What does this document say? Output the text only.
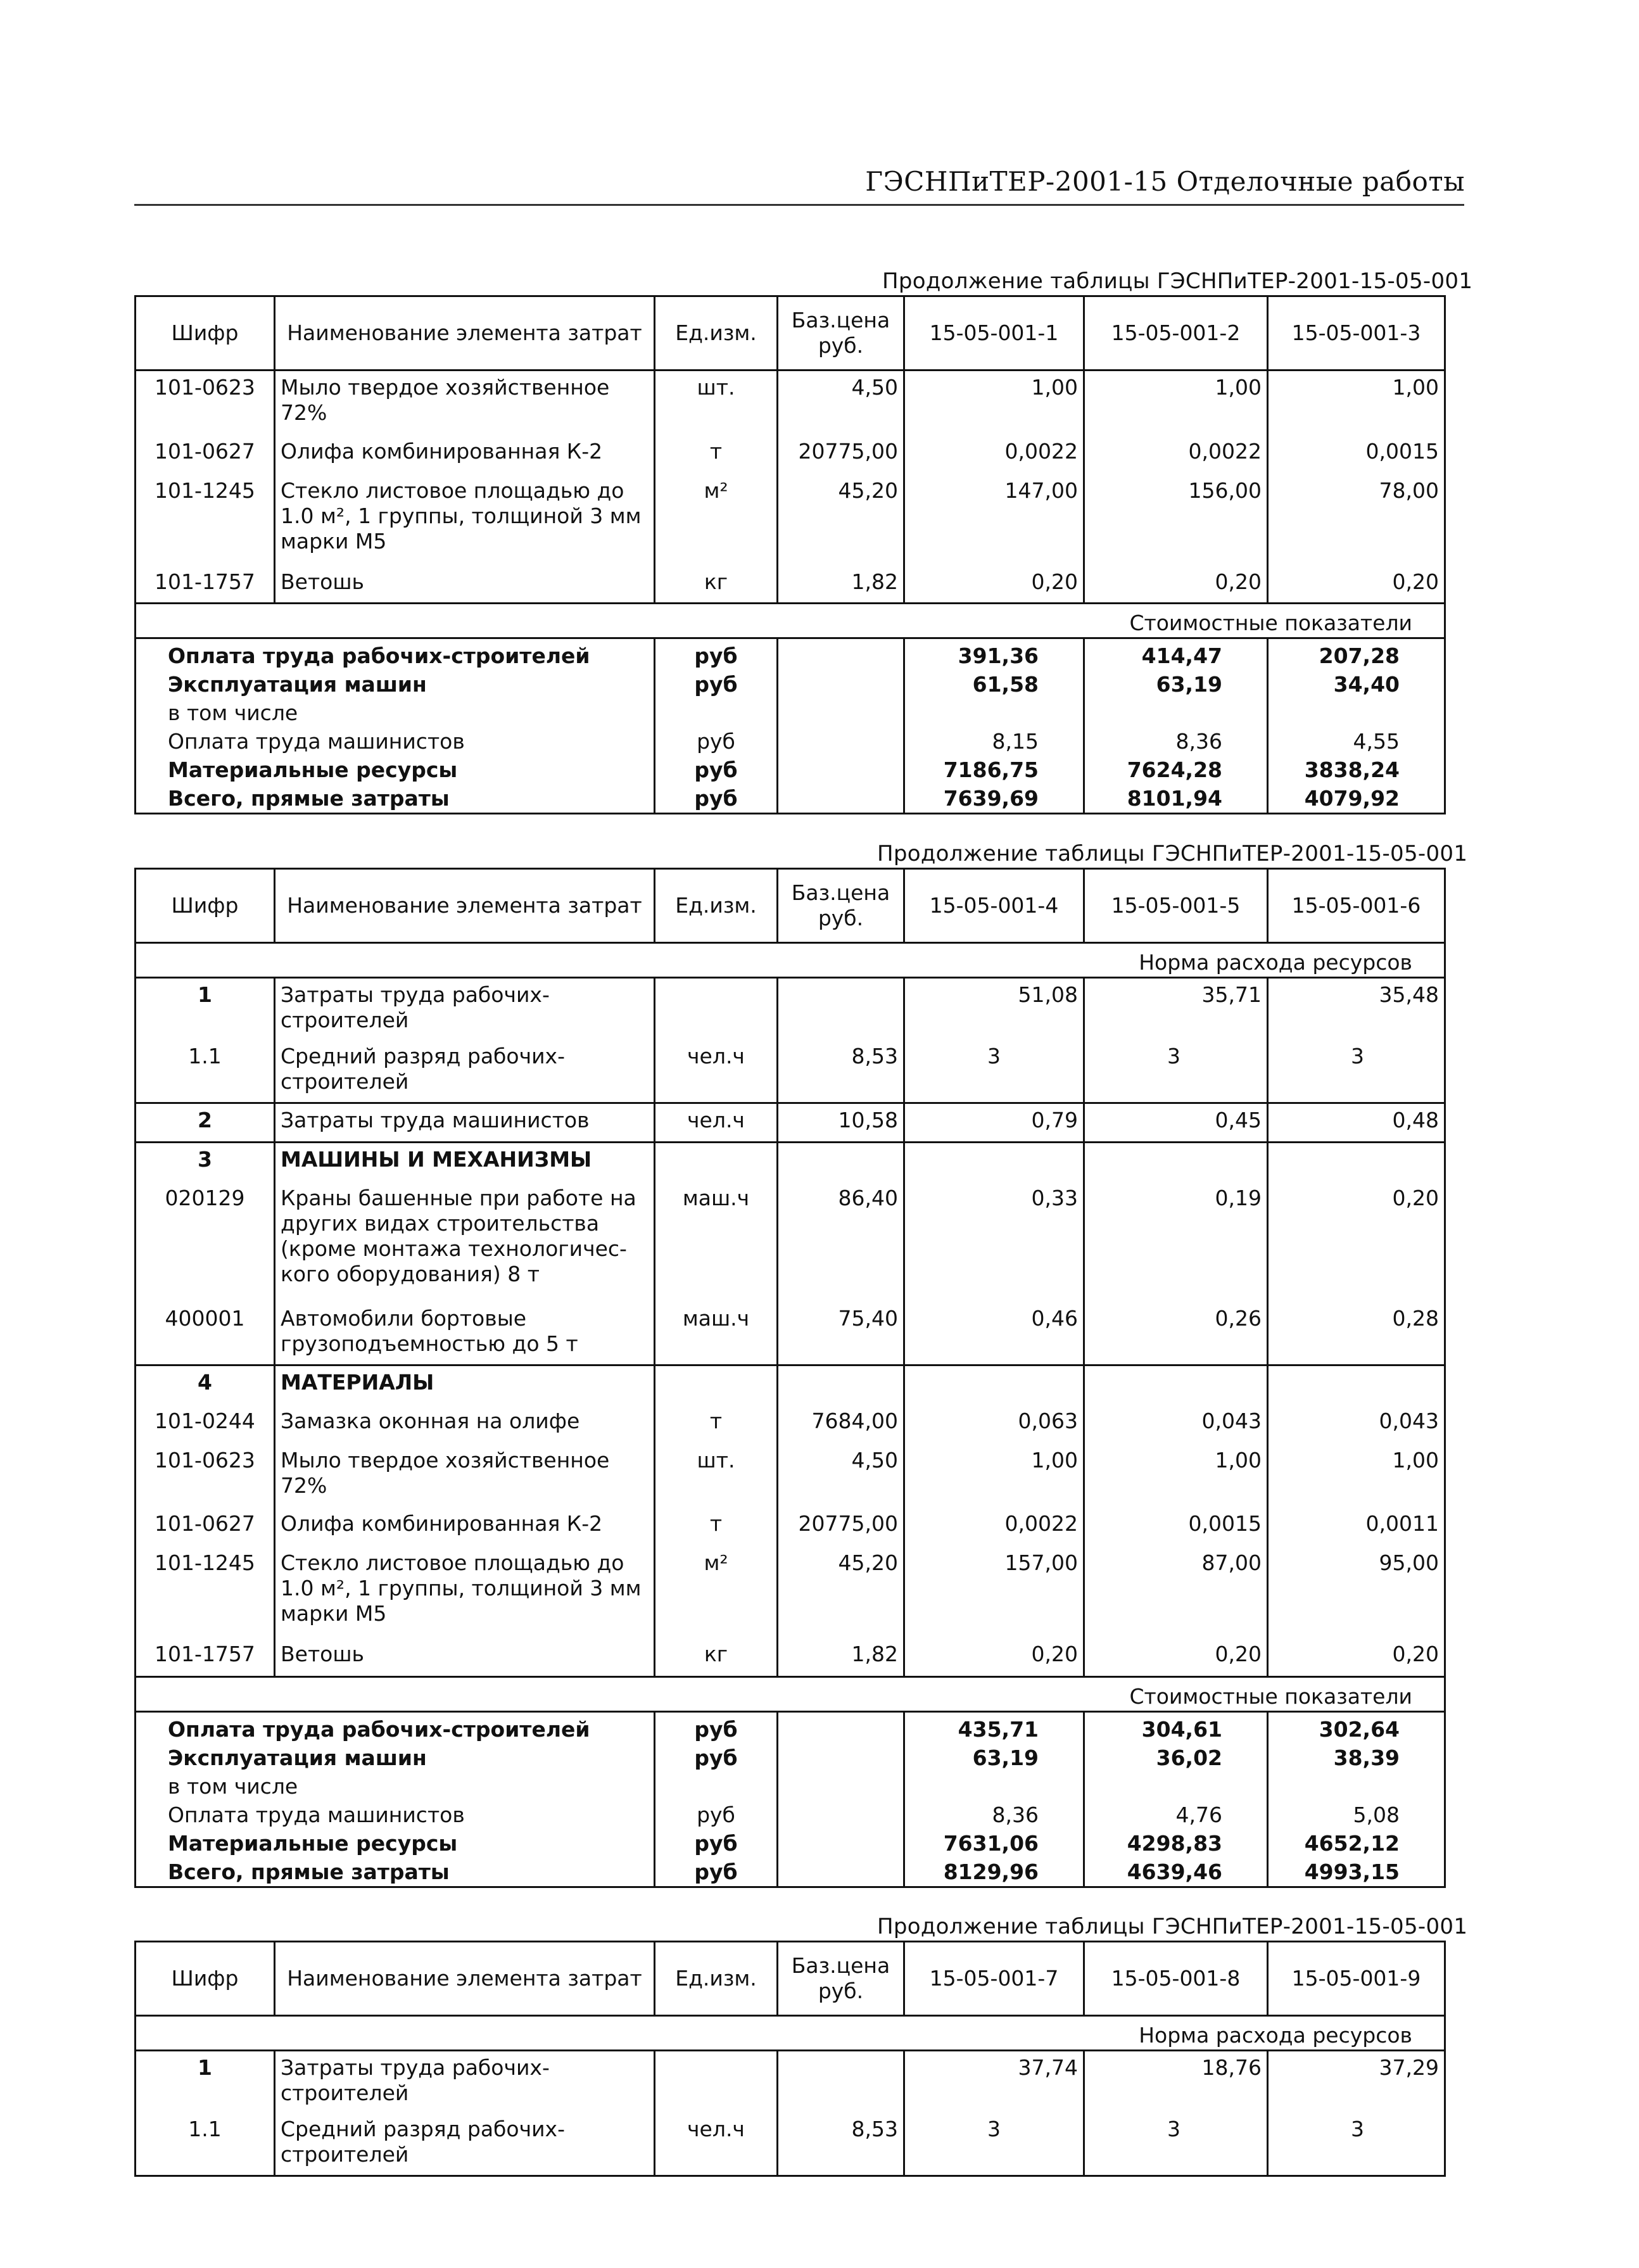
ГЭСНПиТЕР-2001-15 Отделочные работы
Продолжение таблицы ГЭСНПиТЕР-2001-15-05-001
Шифр	Наименование элемента затрат	Ед.изм.	Баз.цена руб.	15-05-001-1	15-05-001-2	15-05-001-3
101-0623	Мыло твердое хозяйственное 72%	шт.	4,50	1,00	1,00	1,00
101-0627	Олифа комбинированная К-2	т	20775,00	0,0022	0,0022	0,0015
101-1245	Стекло листовое площадью до 1.0 м², 1 группы, толщиной 3 мм марки М5	м²	45,20	147,00	156,00	78,00
101-1757	Ветошь	кг	1,82	0,20	0,20	0,20
Стоимостные показатели						
Оплата труда рабочих-строителей	руб		391,36	414,47	207,28
Эксплуатация машин	руб		61,58	63,19	34,40
в том числе					
Оплата труда машинистов	руб		8,15	8,36	4,55
Материальные ресурсы	руб		7186,75	7624,28	3838,24
Всего, прямые затраты	руб		7639,69	8101,94	4079,92
Продолжение таблицы ГЭСНПиТЕР-2001-15-05-001
Шифр	Наименование элемента затрат	Ед.изм.	Баз.цена руб.	15-05-001-4	15-05-001-5	15-05-001-6
Норма расхода ресурсов						
1	Затраты труда рабочих-строителей			51,08	35,71	35,48
1.1	Средний разряд рабочих-строителей	чел.ч	8,53	3	3	3
2	Затраты труда машинистов	чел.ч	10,58	0,79	0,45	0,48
3	МАШИНЫ И МЕХАНИЗМЫ					
020129	Краны башенные при работе на других видах строительства (кроме монтажа технологичес-кого оборудования) 8 т	маш.ч	86,40	0,33	0,19	0,20
400001	Автомобили бортовые грузоподъемностью до 5 т	маш.ч	75,40	0,46	0,26	0,28
4	МАТЕРИАЛЫ					
101-0244	Замазка оконная на олифе	т	7684,00	0,063	0,043	0,043
101-0623	Мыло твердое хозяйственное 72%	шт.	4,50	1,00	1,00	1,00
101-0627	Олифа комбинированная К-2	т	20775,00	0,0022	0,0015	0,0011
101-1245	Стекло листовое площадью до 1.0 м², 1 группы, толщиной 3 мм марки М5	м²	45,20	157,00	87,00	95,00
101-1757	Ветошь	кг	1,82	0,20	0,20	0,20
Стоимостные показатели						
Оплата труда рабочих-строителей	руб		435,71	304,61	302,64
Эксплуатация машин	руб		63,19	36,02	38,39
в том числе					
Оплата труда машинистов	руб		8,36	4,76	5,08
Материальные ресурсы	руб		7631,06	4298,83	4652,12
Всего, прямые затраты	руб		8129,96	4639,46	4993,15
Продолжение таблицы ГЭСНПиТЕР-2001-15-05-001
Шифр	Наименование элемента затрат	Ед.изм.	Баз.цена руб.	15-05-001-7	15-05-001-8	15-05-001-9
Норма расхода ресурсов						
1	Затраты труда рабочих-строителей			37,74	18,76	37,29
1.1	Средний разряд рабочих-строителей	чел.ч	8,53	3	3	3
